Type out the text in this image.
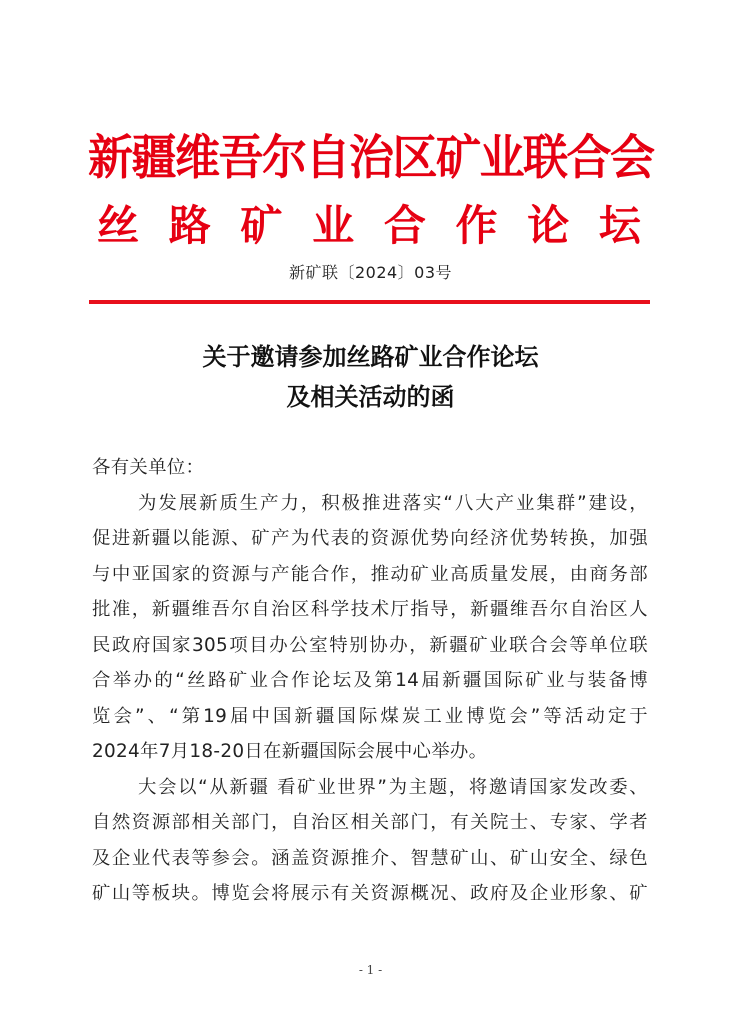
新疆维吾尔自治区矿业联合会
丝 路 矿 业 合 作 论 坛
新矿联〔2024〕03号
关于邀请参加丝路矿业合作论坛
及相关活动的函
各有关单位：
为发展新质生产力，积极推进落实“八大产业集群”建设，
促进新疆以能源、矿产为代表的资源优势向经济优势转换，加强
与中亚国家的资源与产能合作，推动矿业高质量发展，由商务部
批准，新疆维吾尔自治区科学技术厅指导，新疆维吾尔自治区人
民政府国家305项目办公室特别协办，新疆矿业联合会等单位联
合举办的“丝路矿业合作论坛及第14届新疆国际矿业与装备博
览会”、“第19届中国新疆国际煤炭工业博览会”等活动定于
2024年7月18-20日在新疆国际会展中心举办。
大会以“从新疆 看矿业世界”为主题，将邀请国家发改委、
自然资源部相关部门，自治区相关部门，有关院士、专家、学者
及企业代表等参会。涵盖资源推介、智慧矿山、矿山安全、绿色
矿山等板块。博览会将展示有关资源概况、政府及企业形象、矿
- 1 -
